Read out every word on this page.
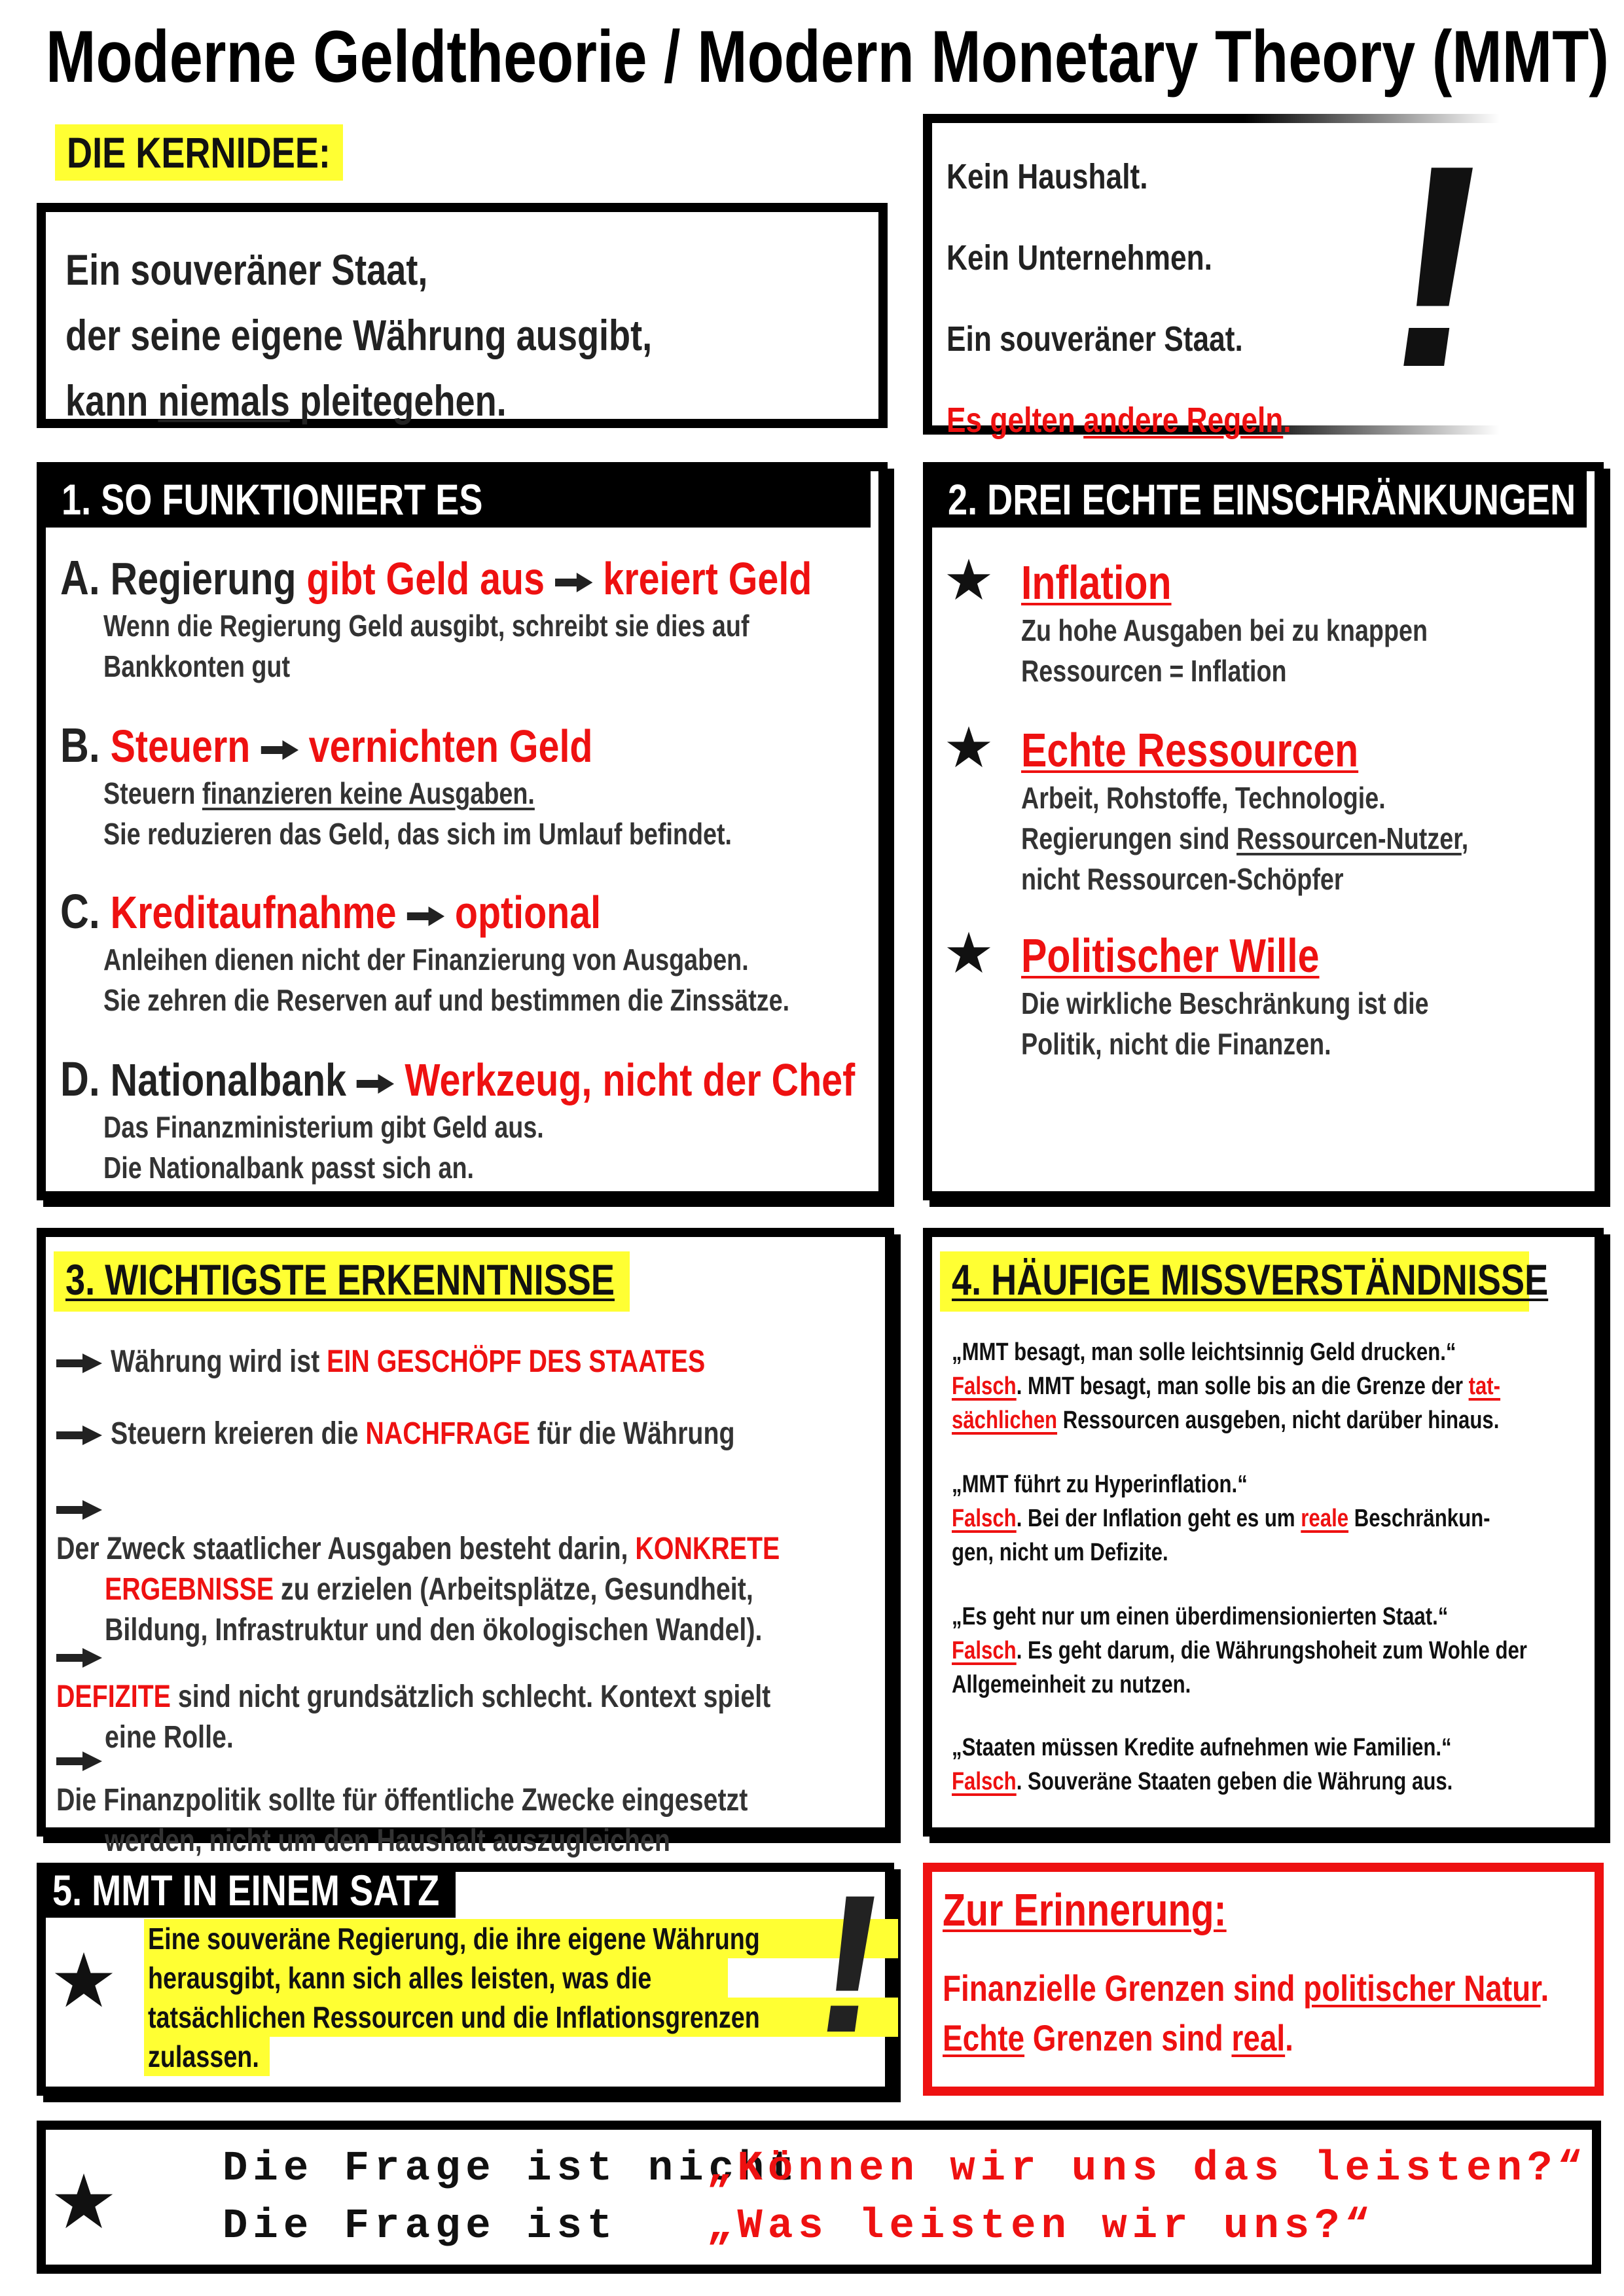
Moderne Geldtheorie / Modern Monetary Theory (MMT)
DIE KERNIDEE:
Ein souveräner Staat,
der seine eigene Währung ausgibt,
kann niemals pleitegehen.
Kein Haushalt.
Kein Unternehmen.
Ein souveräner Staat.
Es gelten andere Regeln. !
1. SO FUNKTIONIERT ES
A. Regierung gibt Geld aus kreiert Geld
Wenn die Regierung Geld ausgibt, schreibt sie dies auf
Bankkonten gut
B. Steuern vernichten Geld
Steuern finanzieren keine Ausgaben.
Sie reduzieren das Geld, das sich im Umlauf befindet.
C. Kreditaufnahme optional
Anleihen dienen nicht der Finanzierung von Ausgaben.
Sie zehren die Reserven auf und bestimmen die Zinssätze.
D. Nationalbank Werkzeug, nicht der Chef
Das Finanzministerium gibt Geld aus.
Die Nationalbank passt sich an.
2. DREI ECHTE EINSCHRÄNKUNGEN
Inflation
Zu hohe Ausgaben bei zu knappen
Ressourcen = Inflation
Echte Ressourcen
Arbeit, Rohstoffe, Technologie.
Regierungen sind Ressourcen-Nutzer,
nicht Ressourcen-Schöpfer
Politischer Wille
Die wirkliche Beschränkung ist die
Politik, nicht die Finanzen.
3. WICHTIGSTE ERKENNTNISSE
Währung wird ist EIN GESCHÖPF DES STAATES
Steuern kreieren die NACHFRAGE für die Währung
Der Zweck staatlicher Ausgaben besteht darin, KONKRETE
ERGEBNISSE zu erzielen (Arbeitsplätze, Gesundheit,
Bildung, Infrastruktur und den ökologischen Wandel).
DEFIZITE sind nicht grundsätzlich schlecht. Kontext spielt
eine Rolle.
Die Finanzpolitik sollte für öffentliche Zwecke eingesetzt
werden, nicht um den Haushalt auszugleichen
4. HÄUFIGE MISSVERSTÄNDNISSE
„MMT besagt, man solle leichtsinnig Geld drucken.“
Falsch. MMT besagt, man solle bis an die Grenze der tat-
sächlichen Ressourcen ausgeben, nicht darüber hinaus.
„MMT führt zu Hyperinflation.“
Falsch. Bei der Inflation geht es um reale Beschränkun-
gen, nicht um Defizite.
„Es geht nur um einen überdimensionierten Staat.“
Falsch. Es geht darum, die Währungshoheit zum Wohle der
Allgemeinheit zu nutzen.
„Staaten müssen Kredite aufnehmen wie Familien.“
Falsch. Souveräne Staaten geben die Währung aus.
5. MMT IN EINEM SATZ
Eine souveräne Regierung, die ihre eigene Währung
herausgibt, kann sich alles leisten, was die
tatsächlichen Ressourcen und die Inflationsgrenzen
zulassen.	! Zur Erinnerung:
Finanzielle Grenzen sind politischer Natur.
Echte Grenzen sind real.
Die Frage ist nicht
Die Frage ist
„Können wir uns das leisten?“
„Was leisten wir uns?“
